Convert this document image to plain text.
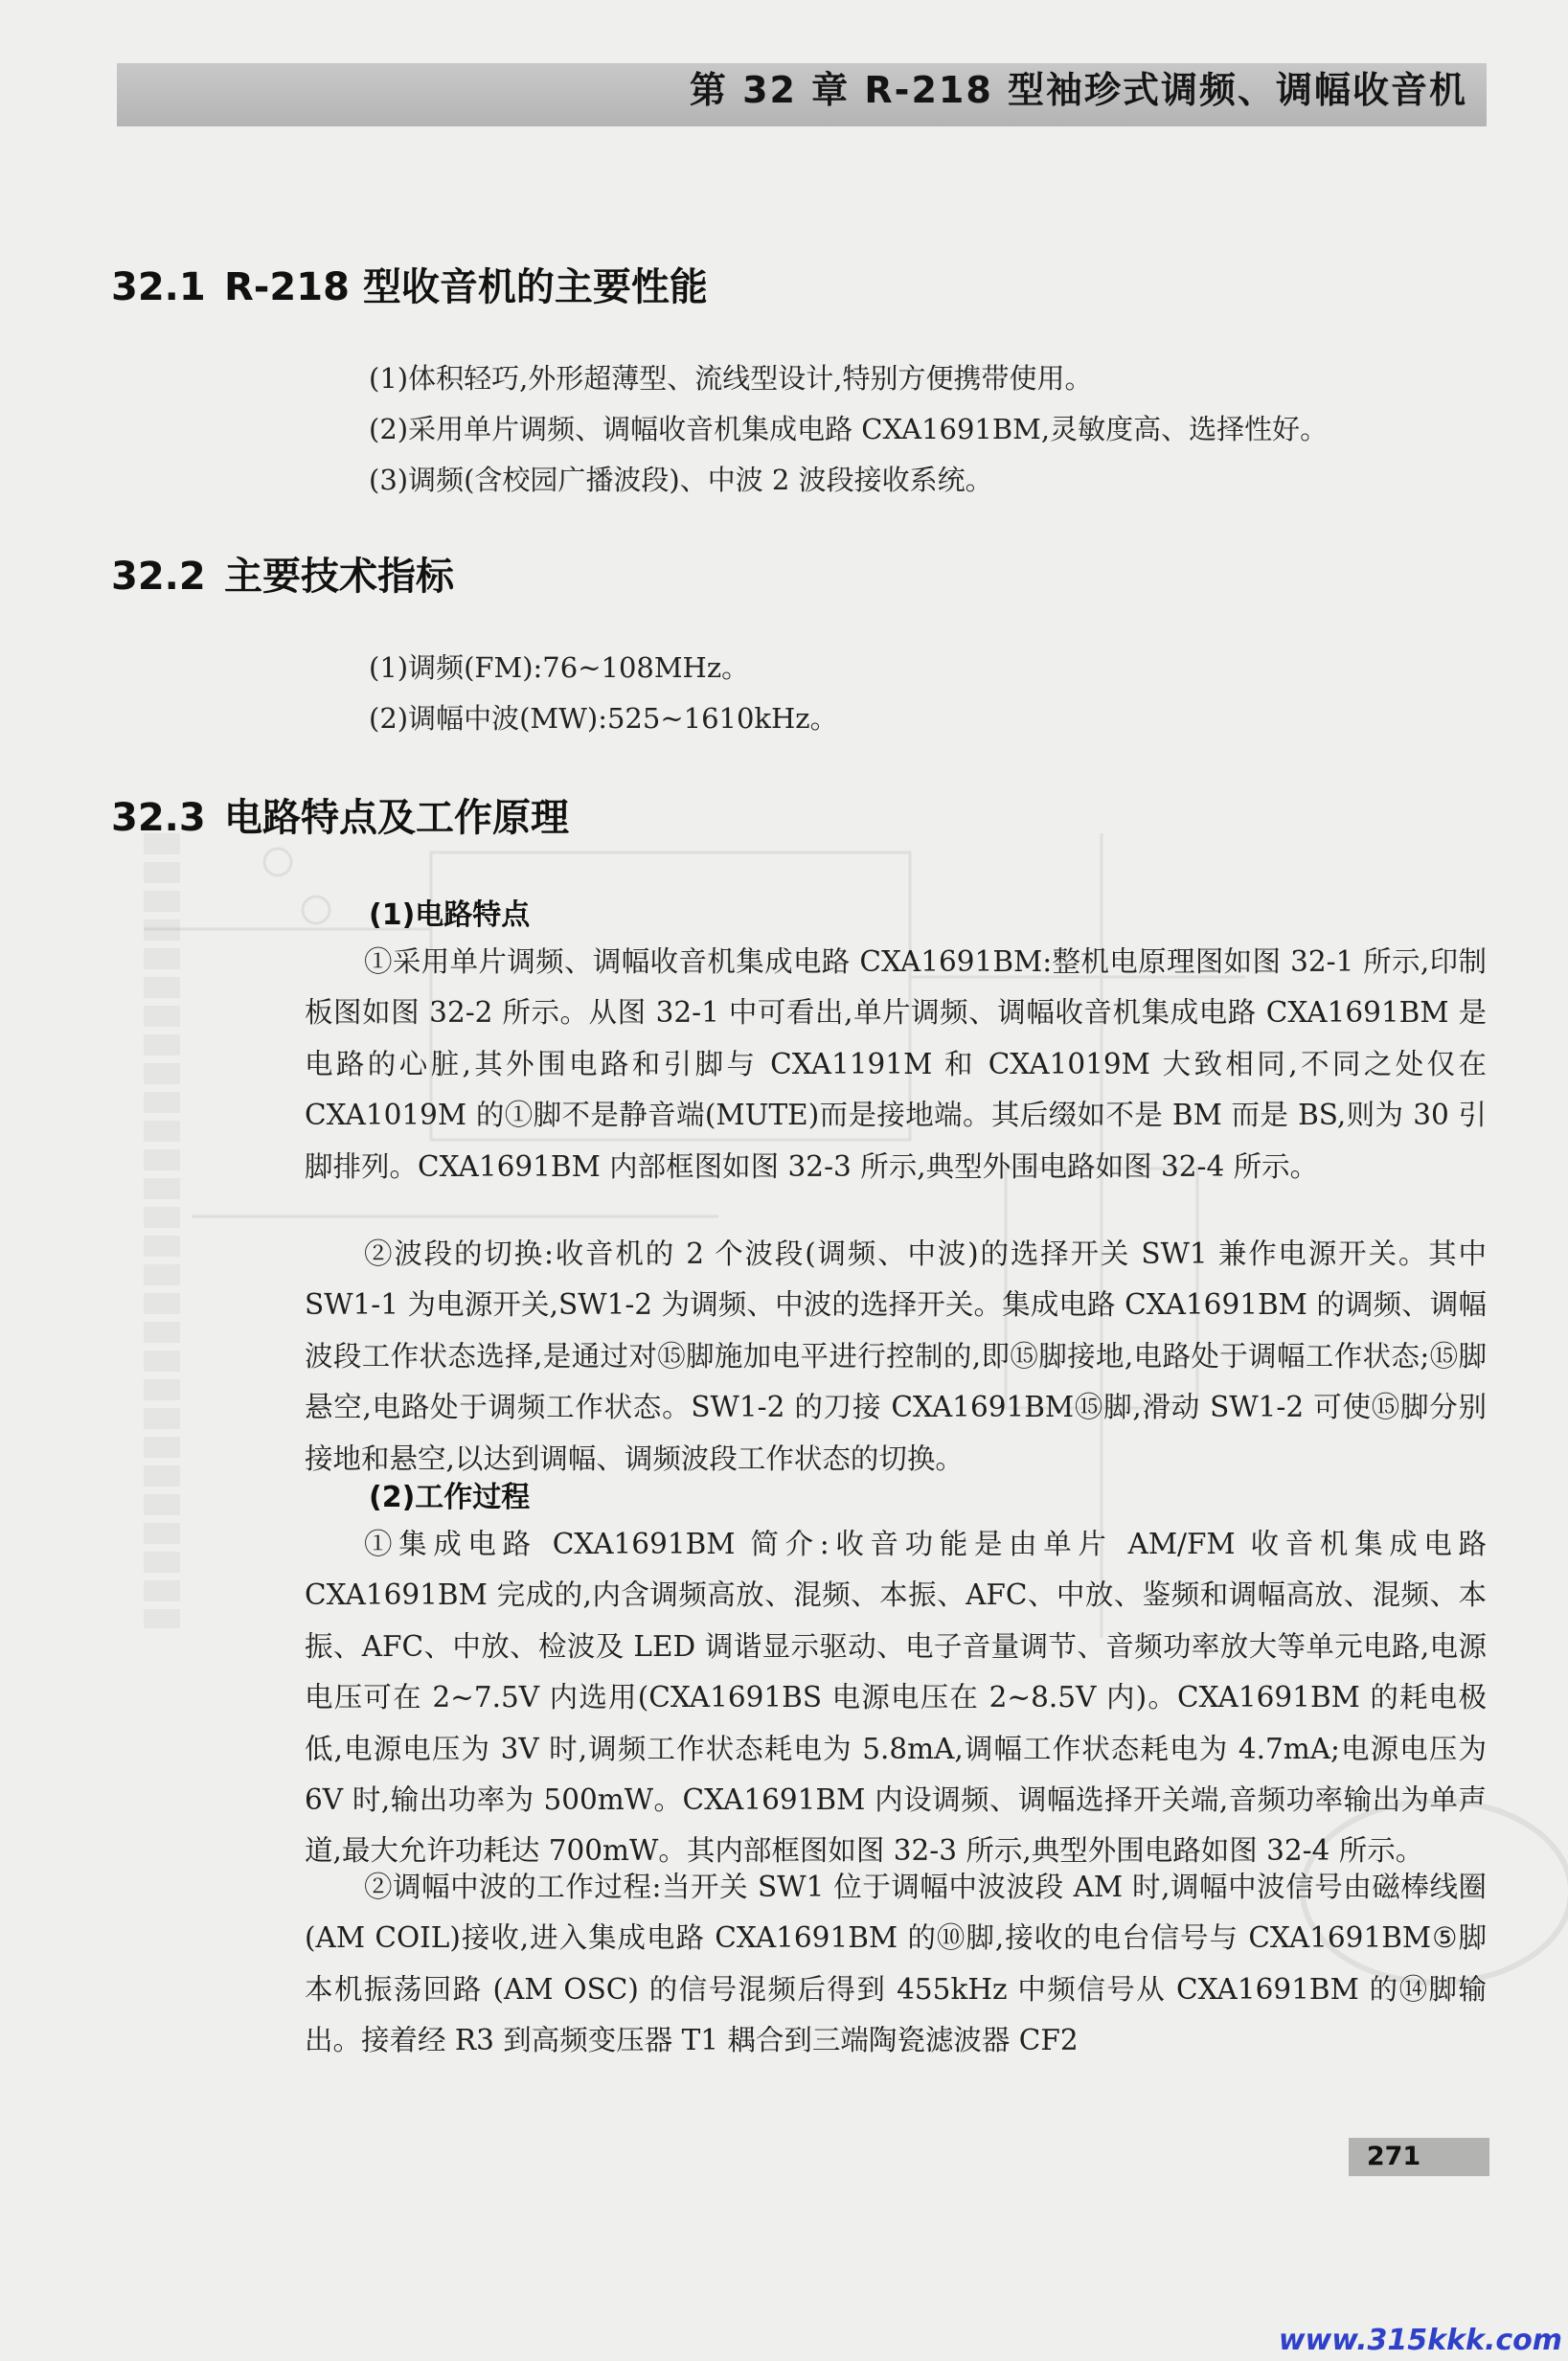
第 32 章 R-218 型袖珍式调频、调幅收音机
32.1 R-218 型收音机的主要性能
(1)体积轻巧,外形超薄型、流线型设计,特别方便携带使用。
(2)采用单片调频、调幅收音机集成电路 CXA1691BM,灵敏度高、选择性好。
(3)调频(含校园广播波段)、中波 2 波段接收系统。
32.2 主要技术指标
(1)调频(FM):76~108MHz。
(2)调幅中波(MW):525~1610kHz。
32.3 电路特点及工作原理
(1)电路特点

①采用单片调频、调幅收音机集成电路 CXA1691BM:整机电原理图如图 32-1 所示,印制板图如图 32-2 所示。从图 32-1 中可看出,单片调频、调幅收音机集成电路 CXA1691BM 是电路的心脏,其外围电路和引脚与 CXA1191M 和 CXA1019M 大致相同,不同之处仅在 CXA1019M 的①脚不是静音端(MUTE)而是接地端。其后缀如不是 BM 而是 BS,则为 30 引脚排列。CXA1691BM 内部框图如图 32-3 所示,典型外围电路如图 32-4 所示。

②波段的切换:收音机的 2 个波段(调频、中波)的选择开关 SW1 兼作电源开关。其中 SW1-1 为电源开关,SW1-2 为调频、中波的选择开关。集成电路 CXA1691BM 的调频、调幅波段工作状态选择,是通过对⑮脚施加电平进行控制的,即⑮脚接地,电路处于调幅工作状态;⑮脚悬空,电路处于调频工作状态。SW1-2 的刀接 CXA1691BM⑮脚,滑动 SW1-2 可使⑮脚分别接地和悬空,以达到调幅、调频波段工作状态的切换。

(2)工作过程

①集成电路 CXA1691BM 简介:收音功能是由单片 AM/FM 收音机集成电路 CXA1691BM 完成的,内含调频高放、混频、本振、AFC、中放、鉴频和调幅高放、混频、本振、AFC、中放、检波及 LED 调谐显示驱动、电子音量调节、音频功率放大等单元电路,电源电压可在 2~7.5V 内选用(CXA1691BS 电源电压在 2~8.5V 内)。CXA1691BM 的耗电极低,电源电压为 3V 时,调频工作状态耗电为 5.8mA,调幅工作状态耗电为 4.7mA;电源电压为 6V 时,输出功率为 500mW。CXA1691BM 内设调频、调幅选择开关端,音频功率输出为单声道,最大允许功耗达 700mW。其内部框图如图 32-3 所示,典型外围电路如图 32-4 所示。

②调幅中波的工作过程:当开关 SW1 位于调幅中波波段 AM 时,调幅中波信号由磁棒线圈(AM COIL)接收,进入集成电路 CXA1691BM 的⑩脚,接收的电台信号与 CXA1691BM⑤脚本机振荡回路 (AM OSC) 的信号混频后得到 455kHz 中频信号从 CXA1691BM 的⑭脚输出。接着经 R3 到高频变压器 T1 耦合到三端陶瓷滤波器 CF2

271
www.315kkk.com
